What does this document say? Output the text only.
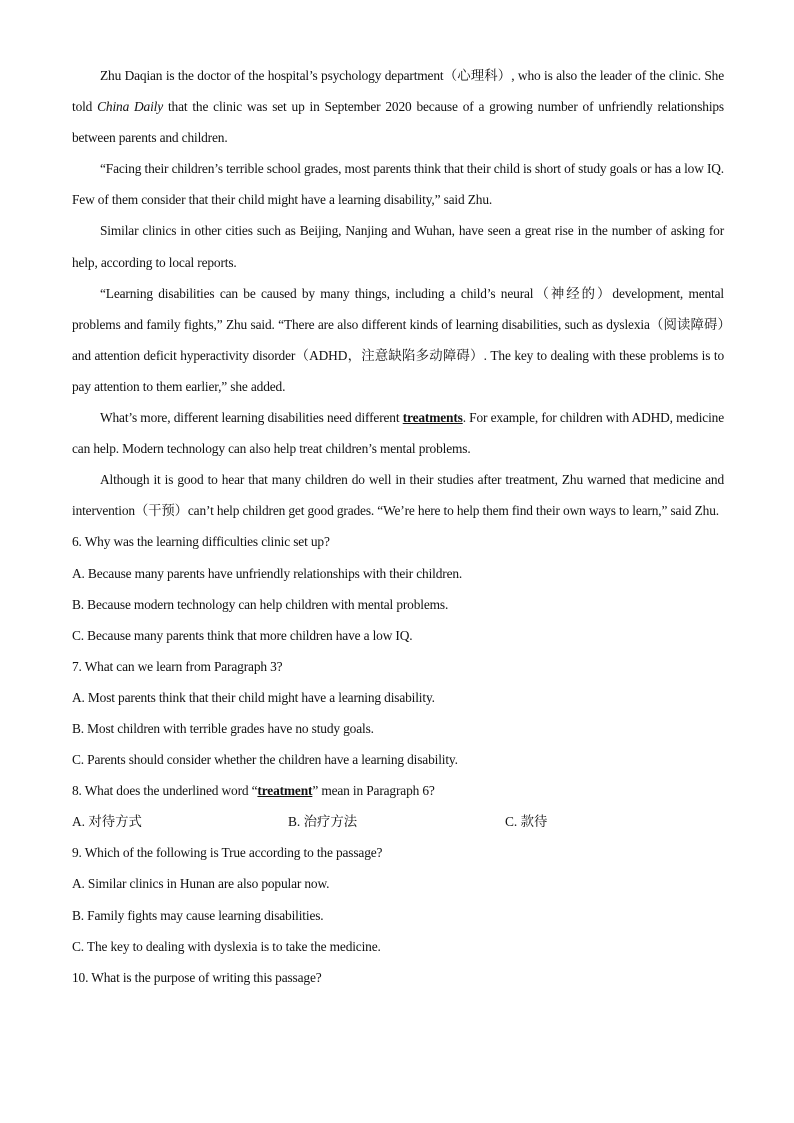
Zhu Daqian is the doctor of the hospital’s psychology department（心理科）, who is also the leader of the clinic. She told China Daily that the clinic was set up in September 2020 because of a growing number of unfriendly relationships between parents and children.

“Facing their children’s terrible school grades, most parents think that their child is short of study goals or has a low IQ. Few of them consider that their child might have a learning disability,” said Zhu.

Similar clinics in other cities such as Beijing, Nanjing and Wuhan, have seen a great rise in the number of asking for help, according to local reports.

“Learning disabilities can be caused by many things, including a child’s neural（神经的）development, mental problems and family fights,” Zhu said. “There are also different kinds of learning disabilities, such as dyslexia（阅读障碍）and attention deficit hyperactivity disorder（ADHD，注意缺陷多动障碍）. The key to dealing with these problems is to pay attention to them earlier,” she added.

What’s more, different learning disabilities need different treatments. For example, for children with ADHD, medicine can help. Modern technology can also help treat children’s mental problems.

Although it is good to hear that many children do well in their studies after treatment, Zhu warned that medicine and intervention（干预）can’t help children get good grades. “We’re here to help them find their own ways to learn,” said Zhu.

6. Why was the learning difficulties clinic set up?

A. Because many parents have unfriendly relationships with their children.

B. Because modern technology can help children with mental problems.

C. Because many parents think that more children have a low IQ.

7. What can we learn from Paragraph 3?

A. Most parents think that their child might have a learning disability.

B. Most children with terrible grades have no study goals.

C. Parents should consider whether the children have a learning disability.

8. What does the underlined word “treatment” mean in Paragraph 6?

A. 对待方式	B. 治疗方法	C. 款待

9. Which of the following is True according to the passage?

A. Similar clinics in Hunan are also popular now.

B. Family fights may cause learning disabilities.

C. The key to dealing with dyslexia is to take the medicine.

10. What is the purpose of writing this passage?
